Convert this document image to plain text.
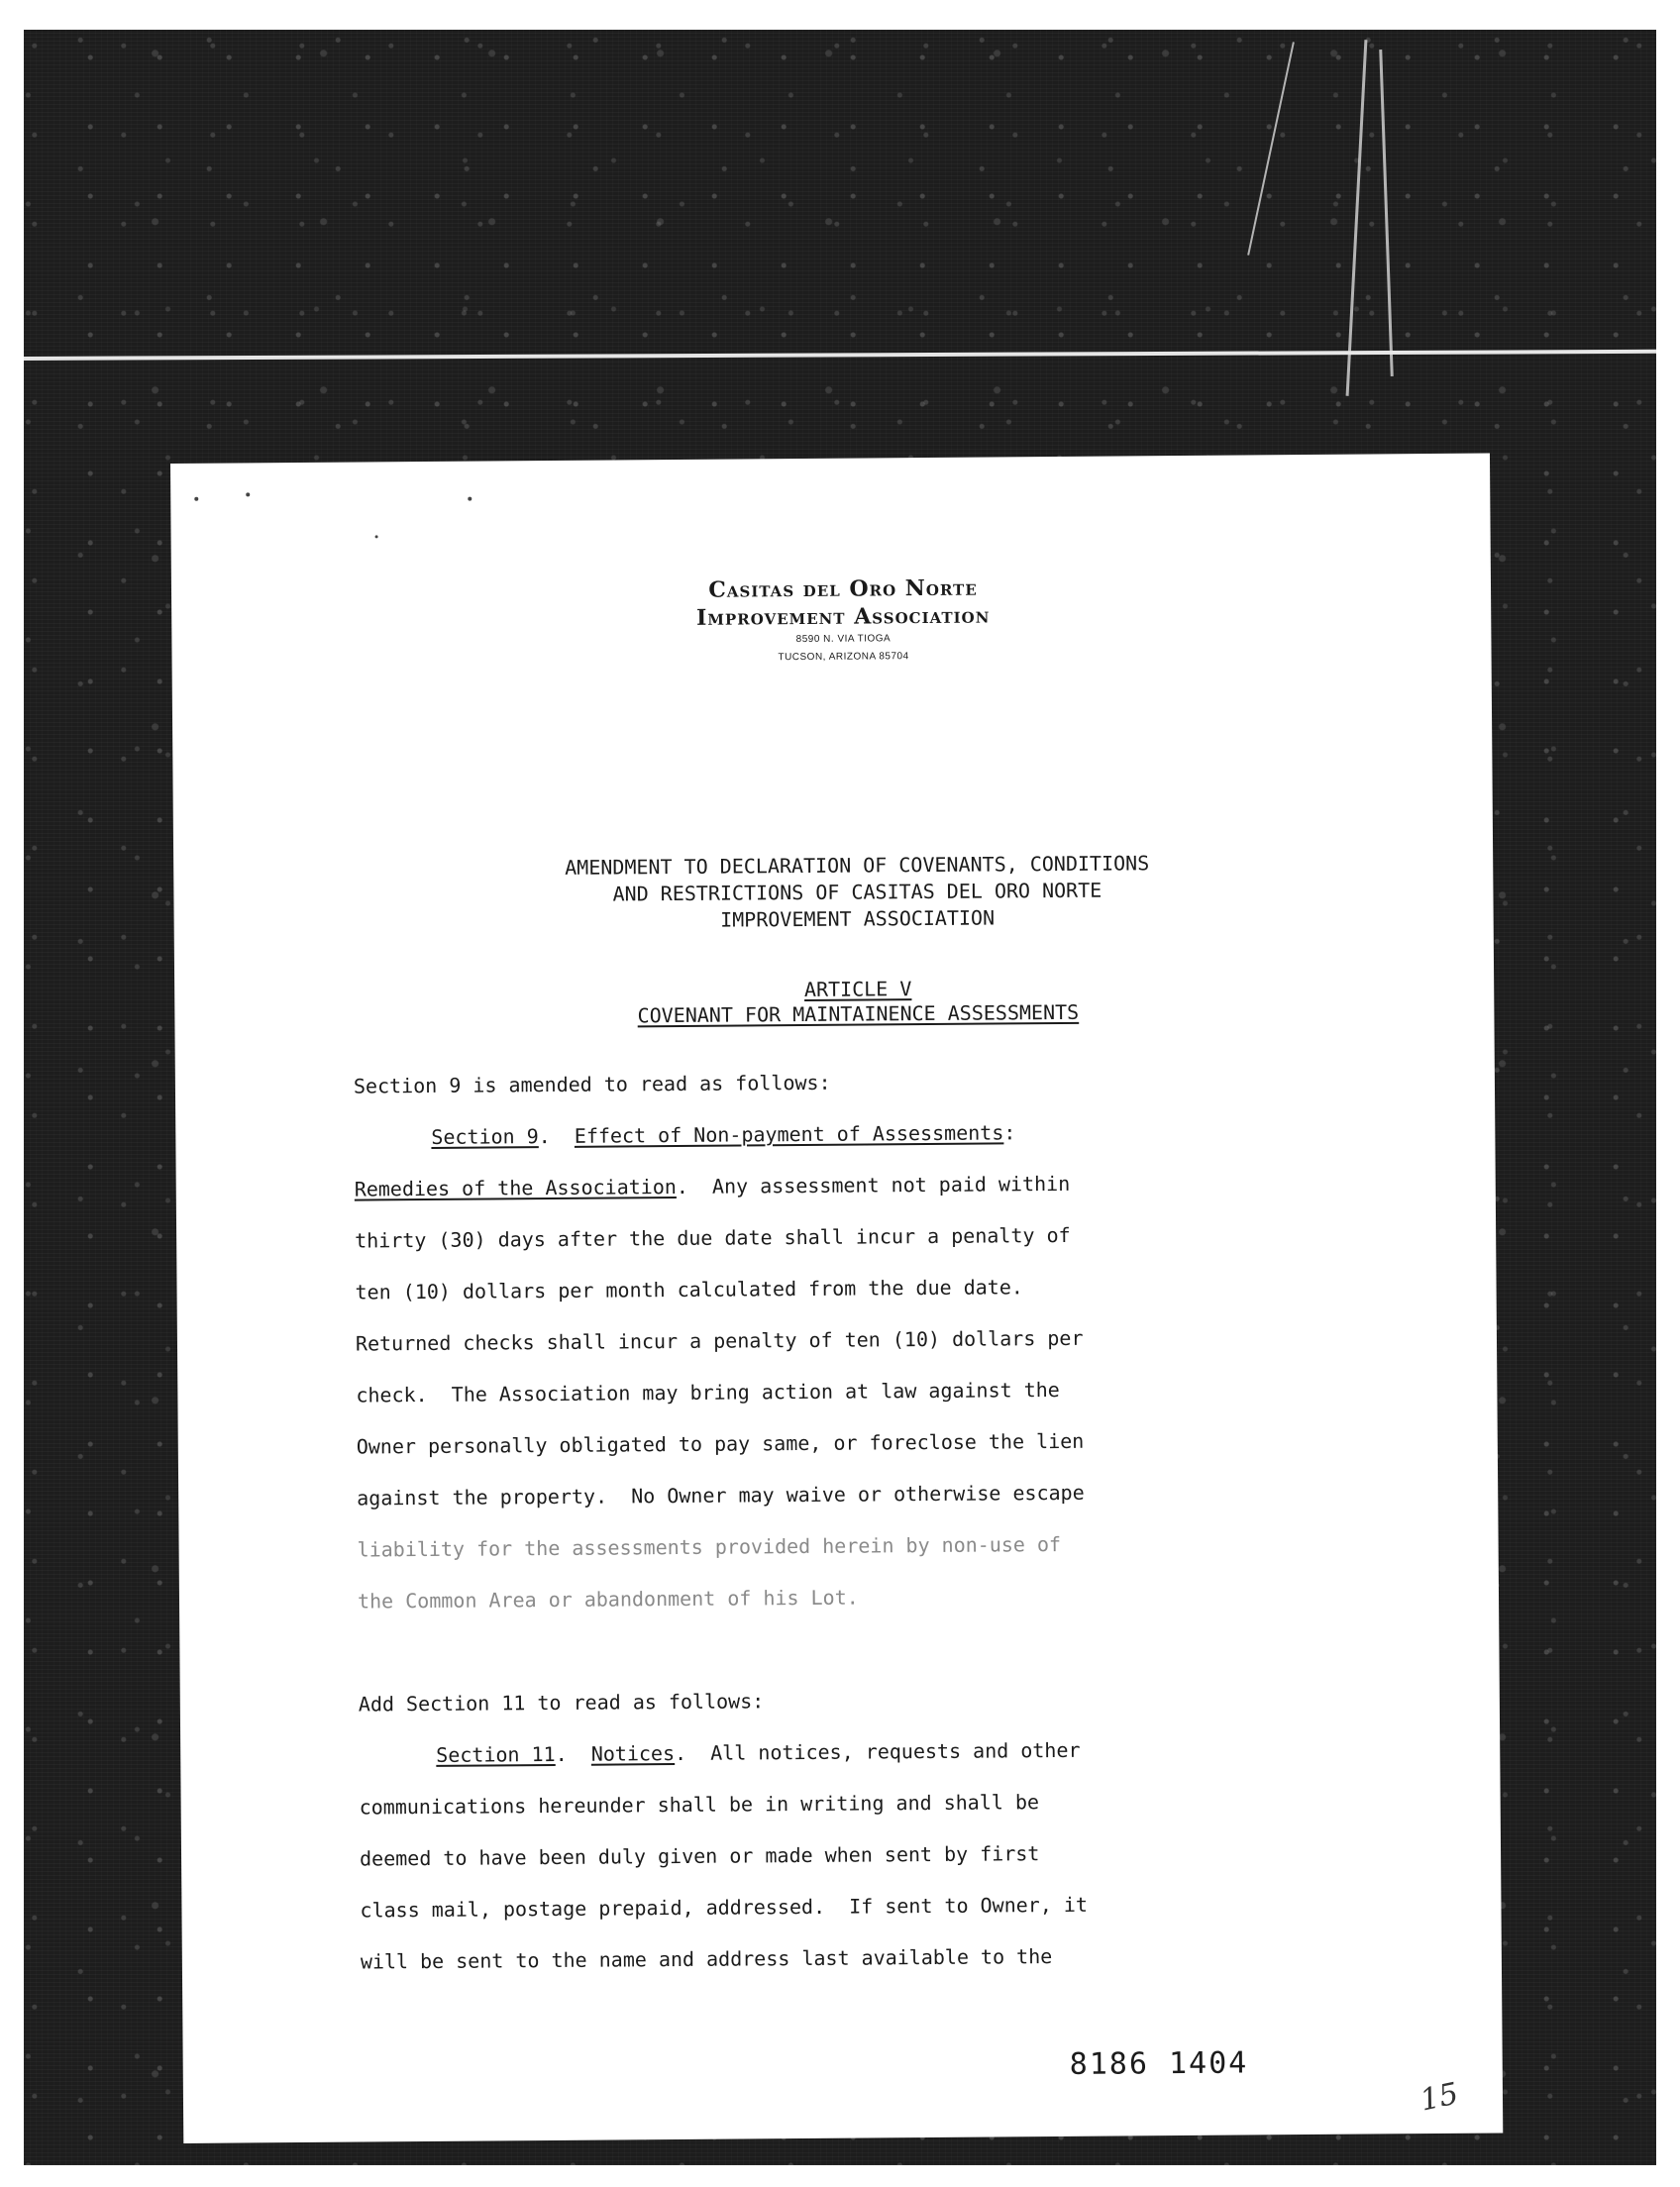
Casitas del Oro Norte
Improvement Association
8590 N. VIA TIOGA
TUCSON, ARIZONA 85704
AMENDMENT TO DECLARATION OF COVENANTS, CONDITIONS
AND RESTRICTIONS OF CASITAS DEL ORO NORTE
IMPROVEMENT ASSOCIATION
ARTICLE V
COVENANT FOR MAINTAINENCE ASSESSMENTS
Section 9 is amended to read as follows:
Section 9.  Effect of Non-payment of Assessments:
Remedies of the Association.  Any assessment not paid within
thirty (30) days after the due date shall incur a penalty of
ten (10) dollars per month calculated from the due date.
Returned checks shall incur a penalty of ten (10) dollars per
check.  The Association may bring action at law against the
Owner personally obligated to pay same, or foreclose the lien
against the property.  No Owner may waive or otherwise escape
liability for the assessments provided herein by non-use of
the Common Area or abandonment of his Lot.
Add Section 11 to read as follows:
Section 11.  Notices.  All notices, requests and other
communications hereunder shall be in writing and shall be
deemed to have been duly given or made when sent by first
class mail, postage prepaid, addressed.  If sent to Owner, it
will be sent to the name and address last available to the
8186 1404
15
